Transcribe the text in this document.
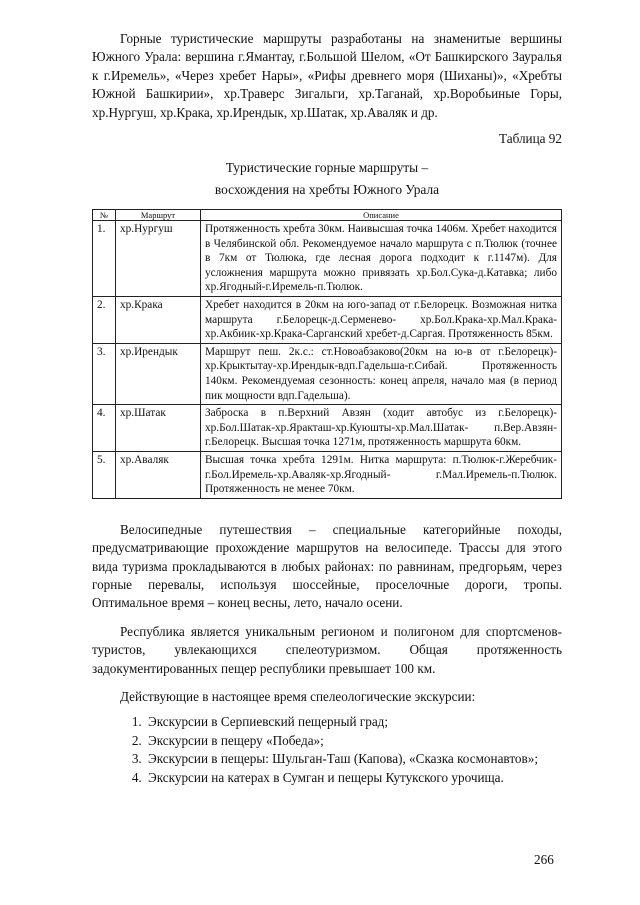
Горные туристические маршруты разработаны на знаменитые вершины Южного Урала: вершина г.Ямантау, г.Большой Шелом, «От Башкирского Зауралья к г.Иремель», «Через хребет Нары», «Рифы древнего моря (Шиханы)», «Хребты Южной Башкирии», хр.Траверс Зигальги, хр.Таганай, хр.Воробьиные Горы, хр.Нургуш, хр.Крака, хр.Ирендык, хр.Шатак, хр.Аваляк и др.

Таблица 92

Туристические горные маршруты –
восхождения на хребты Южного Урала
№	Маршрут	Описание
1.	хр.Нургуш	Протяженность хребта 30км. Наивысшая точка 1406м. Хребет находится в Челябинской обл. Рекомендуемое начало маршрута с п.Тюлюк (точнее в 7км от Тюлюка, где лесная дорога подходит к г.1147м). Для усложнения маршрута можно привязать хр.Бол.Сука-д.Катавка; либо хр.Ягодный-г.Иремель-п.Тюлюк.
2.	хр.Крака	Хребет находится в 20км на юго-запад от г.Белорецк. Возможная нитка маршрута г.Белорецк-д.Серменево- хр.Бол.Крака-хр.Мал.Крака-хр.Акбиик-хр.Крака-Сарганский хребет-д.Саргая. Протяженность 85км.
3.	хр.Ирендык	Маршрут пеш. 2к.с.: ст.Новоабзаково(20км на ю-в от г.Белорецк)-хр.Крыктытау-хр.Ирендык-вдп.Гадельша-г.Сибай. Протяженность 140км. Рекомендуемая сезонность: конец апреля, начало мая (в период пик мощности вдп.Гадельша).
4.	хр.Шатак	Заброска в п.Верхний Авзян (ходит автобус из г.Белорецк)-хр.Бол.Шатак-хр.Яракташ-хр.Куюшты-хр.Мал.Шатак- п.Вер.Авзян-г.Белорецк. Высшая точка 1271м, протяженность маршрута 60км.
5.	хр.Аваляк	Высшая точка хребта 1291м. Нитка маршрута: п.Тюлюк-г.Жеребчик-г.Бол.Иремель-хр.Аваляк-хр.Ягодный- г.Мал.Иремель-п.Тюлюк. Протяженность не менее 70км.

Велосипедные путешествия – специальные категорийные походы, предусматривающие прохождение маршрутов на велосипеде. Трассы для этого вида туризма прокладываются в любых районах: по равнинам, предгорьям, через горные перевалы, используя шоссейные, проселочные дороги, тропы. Оптимальное время – конец весны, лето, начало осени.

Республика является уникальным регионом и полигоном для спортсменов-туристов, увлекающихся спелеотуризмом. Общая протяженность задокументированных пещер республики превышает 100 км.

Действующие в настоящее время спелеологические экскурсии:

1. Экскурсии в Серпиевский пещерный град;
2. Экскурсии в пещеру «Победа»;
3. Экскурсии в пещеры: Шульган-Таш (Капова), «Сказка космонавтов»;
4. Экскурсии на катерах в Сумган и пещеры Кутукского урочища.
266
